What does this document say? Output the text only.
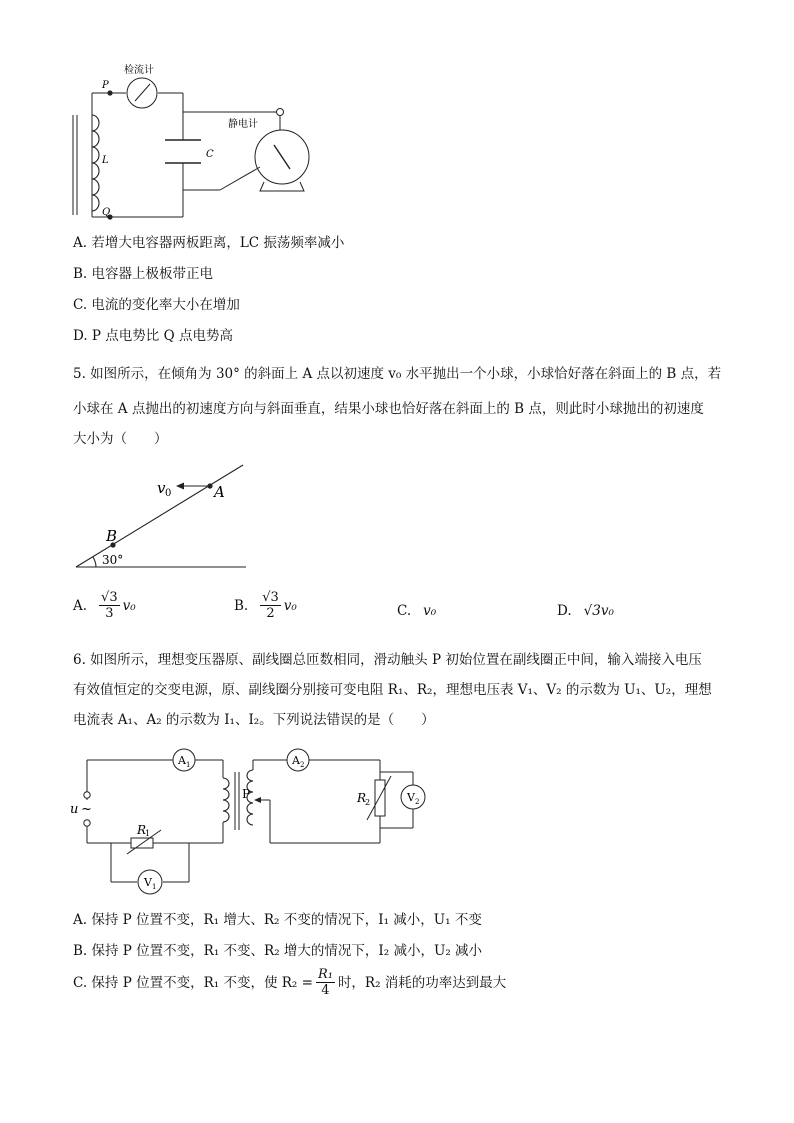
检流计
静电计
P
Q
L
C
A. 若增大电容器两板距离，LC 振荡频率减小
B. 电容器上极板带正电
C. 电流的变化率大小在增加
D. P 点电势比 Q 点电势高
5. 如图所示，在倾角为 30° 的斜面上 A 点以初速度 v₀ 水平抛出一个小球，小球恰好落在斜面上的 B 点，若
小球在 A 点抛出的初速度方向与斜面垂直，结果小球也恰好落在斜面上的 B 点，则此时小球抛出的初速度
大小为（　　）
v 0	A
B
30°
A. $\frac{√3}{3} v_0$	B. $\frac{√3}{2} v_0$	C. v₀	D. √3v₀
6. 如图所示，理想变压器原、副线圈总匝数相同，滑动触头 P 初始位置在副线圈正中间，输入端接入电压
有效值恒定的交变电源，原、副线圈分别接可变电阻 R₁、R₂，理想电压表 V₁、V₂ 的示数为 U₁、U₂，理想
电流表 A₁、A₂ 的示数为 I₁、I₂。下列说法错误的是（　　）
A 1	A 2
V 1
V 2
R
1
R
2
u ~
P
A. 保持 P 位置不变，R₁ 增大、R₂ 不变的情况下，I₁ 减小，U₁ 不变
B. 保持 P 位置不变，R₁ 不变、R₂ 增大的情况下，I₂ 减小，U₂ 减小
C. 保持 P 位置不变，R₁ 不变，使 $R_2 = \frac{\text{R₁}}{4}$ 时，R₂ 消耗的功率达到最大
